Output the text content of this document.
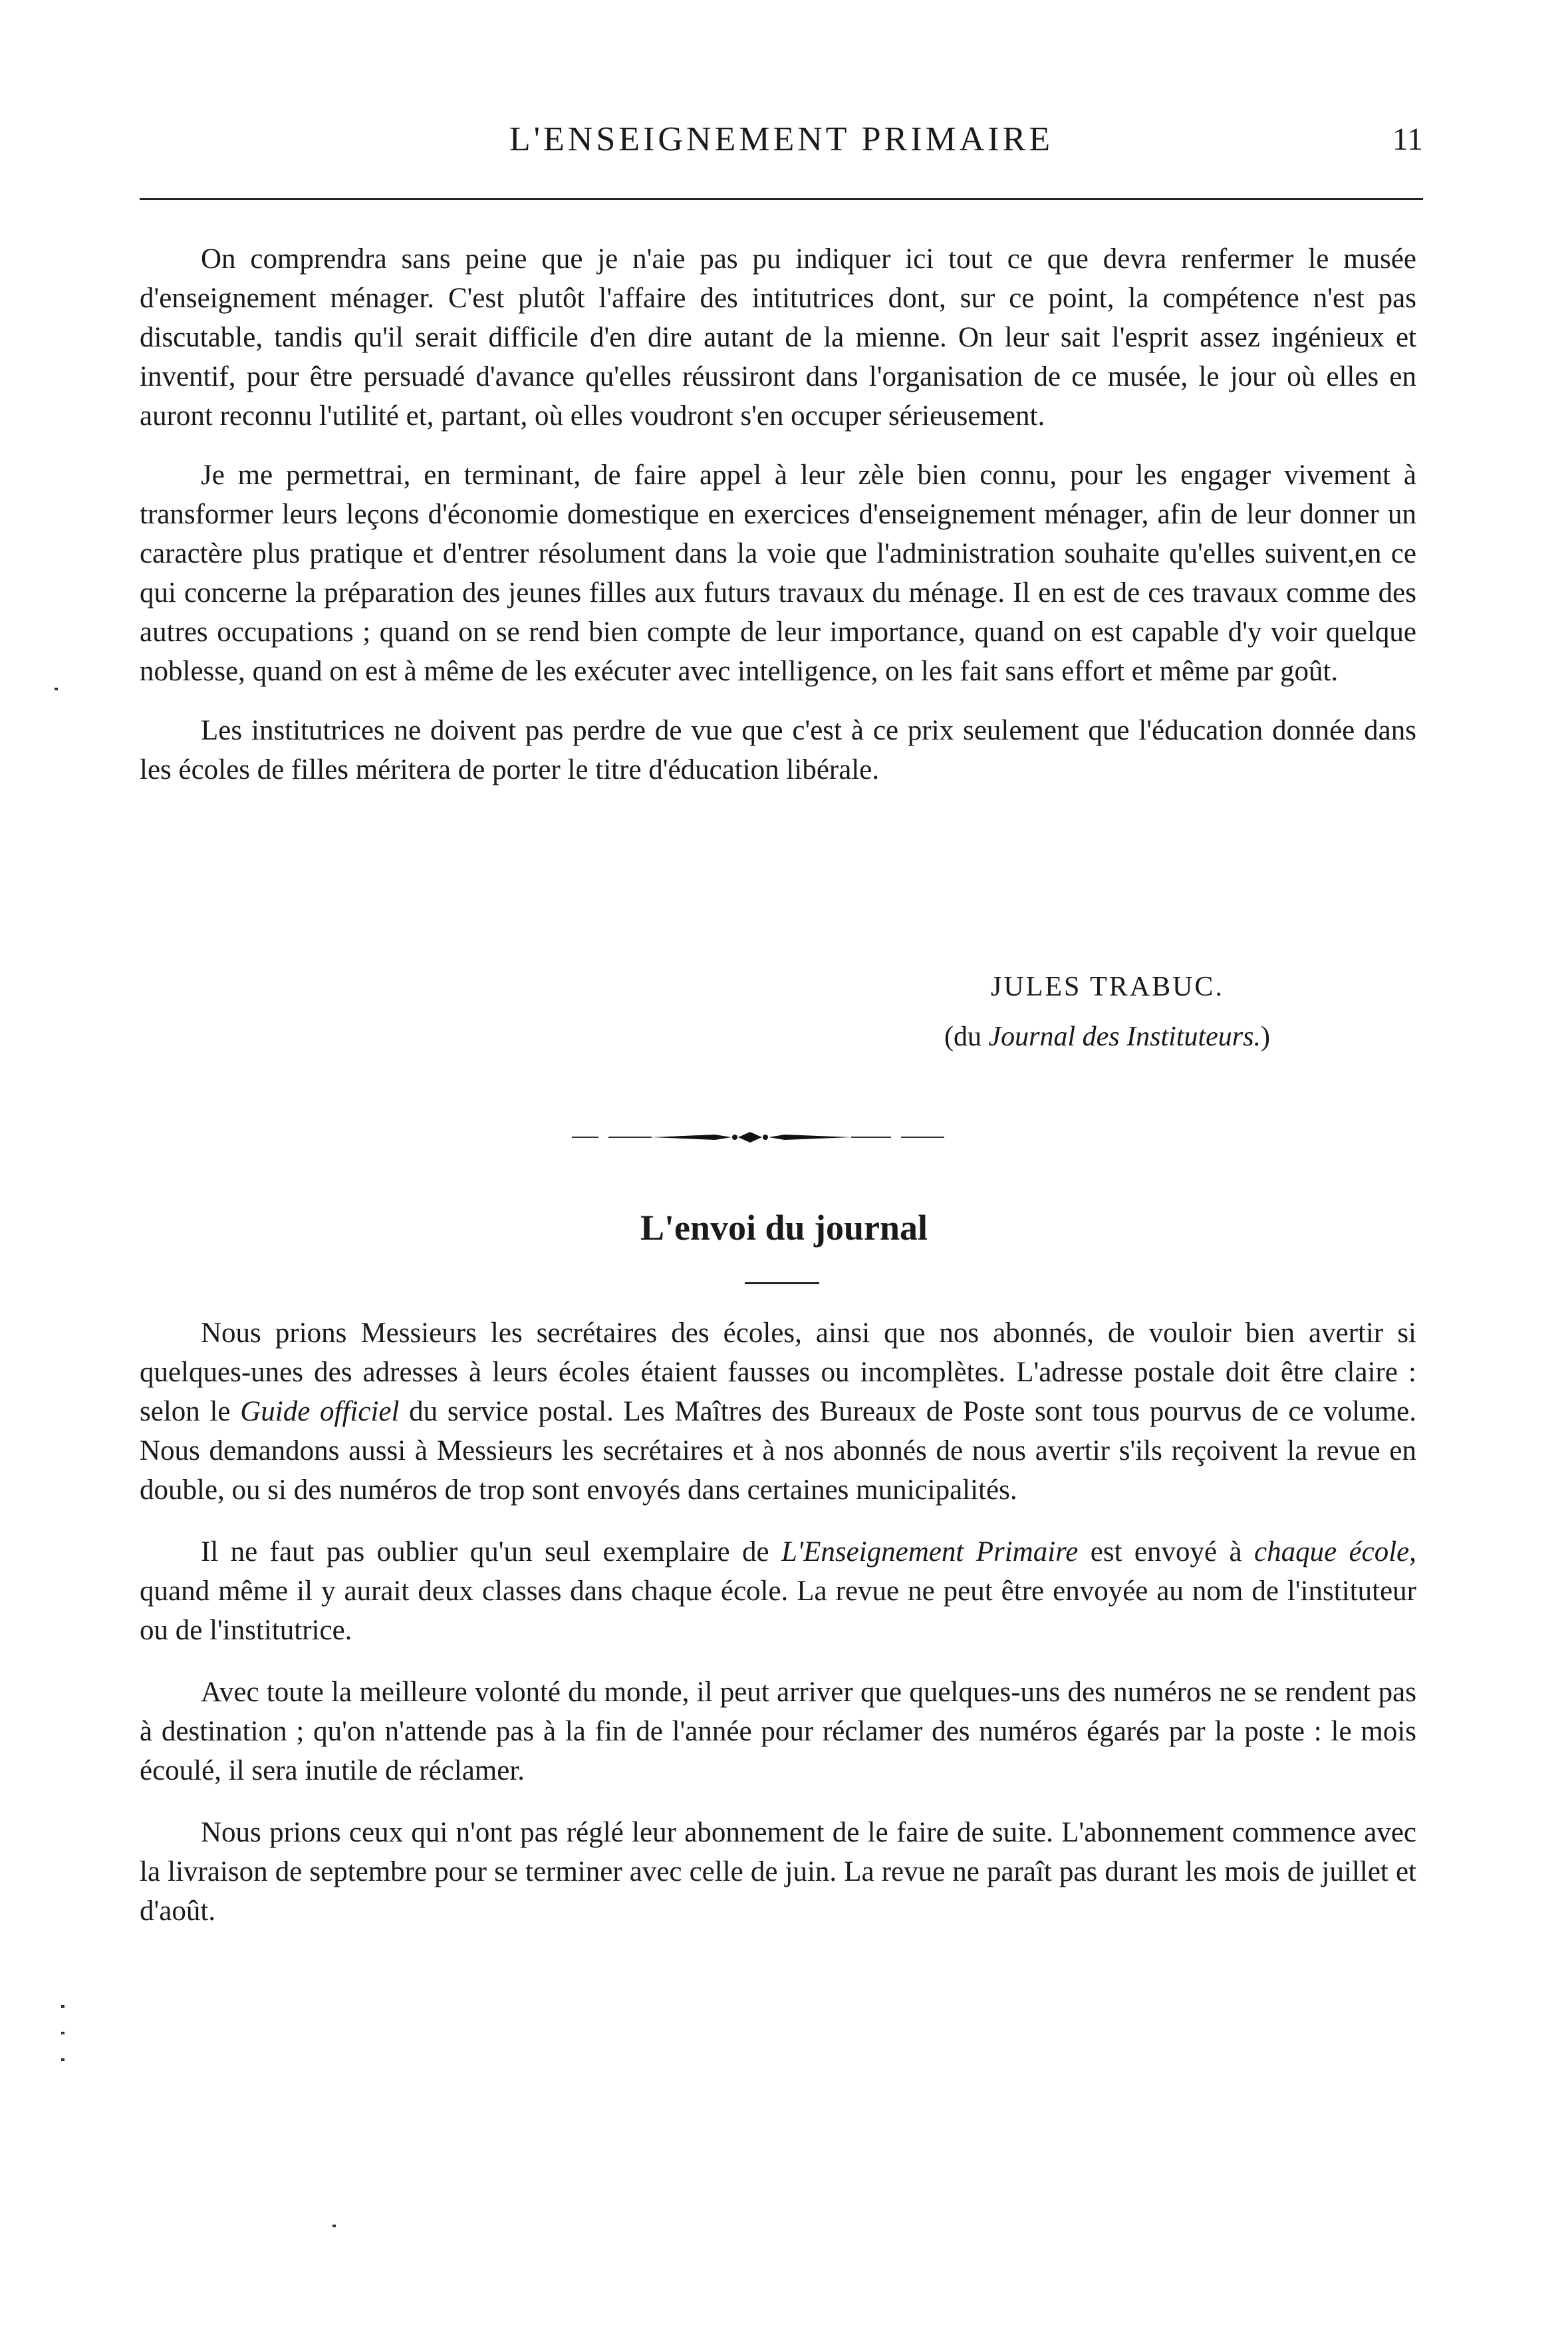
L'ENSEIGNEMENT PRIMAIRE	11

On comprendra sans peine que je n'aie pas pu indiquer ici tout ce que devra renfermer le musée d'enseignement ménager. C'est plutôt l'affaire des intitutrices dont, sur ce point, la compétence n'est pas discutable, tandis qu'il serait difficile d'en dire autant de la mienne. On leur sait l'esprit assez ingénieux et inventif, pour être persuadé d'avance qu'elles réussiront dans l'organisation de ce musée, le jour où elles en auront reconnu l'utilité et, partant, où elles voudront s'en occuper sérieusement.

Je me permettrai, en terminant, de faire appel à leur zèle bien connu, pour les engager vivement à transformer leurs leçons d'économie domestique en exercices d'enseignement ménager, afin de leur donner un caractère plus pratique et d'entrer résolument dans la voie que l'administration souhaite qu'elles suivent,en ce qui concerne la préparation des jeunes filles aux futurs travaux du ménage. Il en est de ces travaux comme des autres occupations ; quand on se rend bien compte de leur importance, quand on est capable d'y voir quelque noblesse, quand on est à même de les exécuter avec intelligence, on les fait sans effort et même par goût.

Les institutrices ne doivent pas perdre de vue que c'est à ce prix seulement que l'éducation donnée dans les écoles de filles méritera de porter le titre d'éducation libérale.

JULES TRABUC.
(du Journal des Instituteurs.)
L'envoi du journal

Nous prions Messieurs les secrétaires des écoles, ainsi que nos abonnés, de vouloir bien avertir si quelques-unes des adresses à leurs écoles étaient fausses ou incomplètes. L'adresse postale doit être claire : selon le Guide officiel du service postal. Les Maîtres des Bureaux de Poste sont tous pourvus de ce volume. Nous demandons aussi à Messieurs les secrétaires et à nos abonnés de nous avertir s'ils reçoivent la revue en double, ou si des numéros de trop sont envoyés dans certaines municipalités.

Il ne faut pas oublier qu'un seul exemplaire de L'Enseignement Primaire est envoyé à chaque école, quand même il y aurait deux classes dans chaque école. La revue ne peut être envoyée au nom de l'instituteur ou de l'institutrice.

Avec toute la meilleure volonté du monde, il peut arriver que quelques-uns des numéros ne se rendent pas à destination ; qu'on n'attende pas à la fin de l'année pour réclamer des numéros égarés par la poste : le mois écoulé, il sera inutile de réclamer.

Nous prions ceux qui n'ont pas réglé leur abonnement de le faire de suite. L'abonnement commence avec la livraison de septembre pour se terminer avec celle de juin. La revue ne paraît pas durant les mois de juillet et d'août.
